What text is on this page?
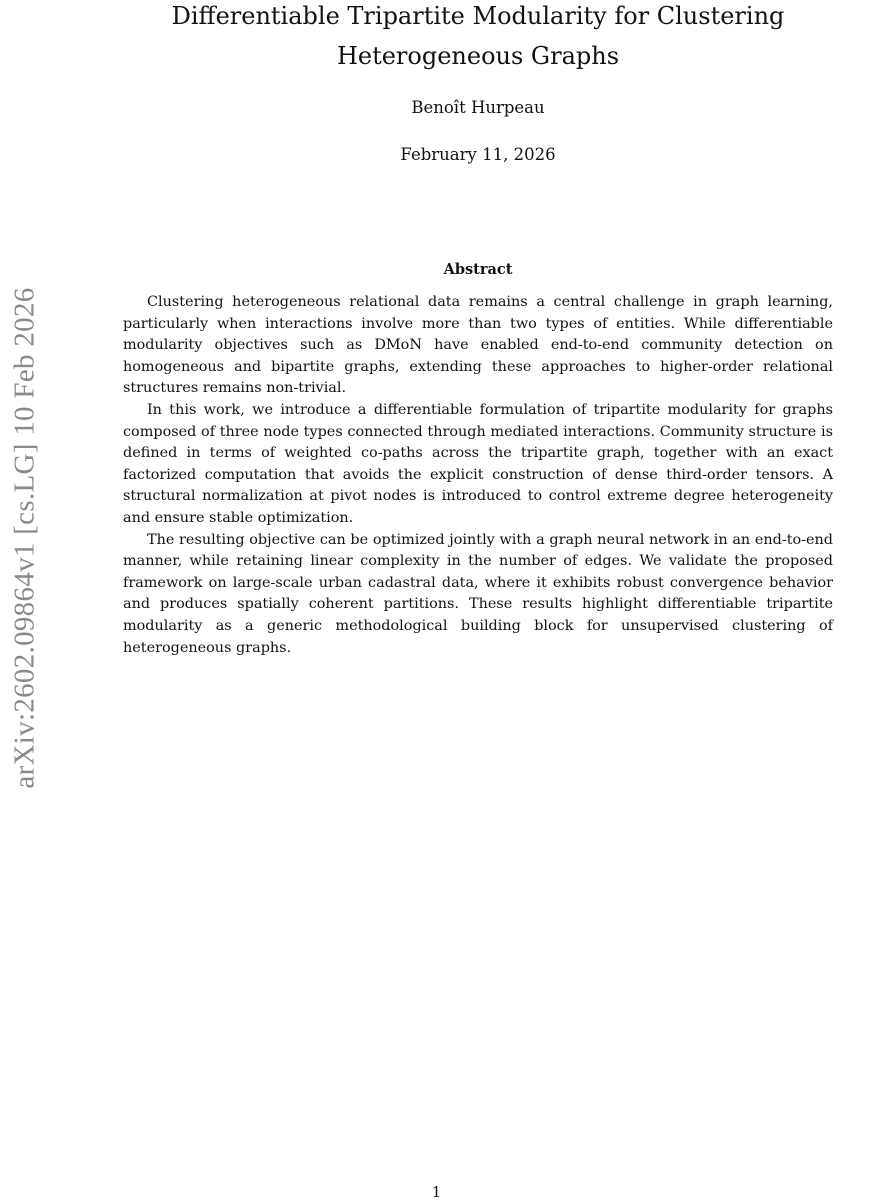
arXiv:2602.09864v1 [cs.LG] 10 Feb 2026
Differentiable Tripartite Modularity for Clustering Heterogeneous Graphs
Benoît Hurpeau
February 11, 2026
Abstract

Clustering heterogeneous relational data remains a central challenge in graph learning, particularly when interactions involve more than two types of entities. While differentiable modularity objectives such as DMoN have enabled end-to-end community detection on homogeneous and bipartite graphs, extending these approaches to higher-order relational structures remains non-trivial.

In this work, we introduce a differentiable formulation of tripartite modularity for graphs composed of three node types connected through mediated interactions. Community structure is defined in terms of weighted co-paths across the tripartite graph, together with an exact factorized computation that avoids the explicit construction of dense third-order tensors. A structural normalization at pivot nodes is introduced to control extreme degree heterogeneity and ensure stable optimization.

The resulting objective can be optimized jointly with a graph neural network in an end-to-end manner, while retaining linear complexity in the number of edges. We validate the proposed framework on large-scale urban cadastral data, where it exhibits robust convergence behavior and produces spatially coherent partitions. These results highlight differentiable tripartite modularity as a generic methodological building block for unsupervised clustering of heterogeneous graphs.

1
